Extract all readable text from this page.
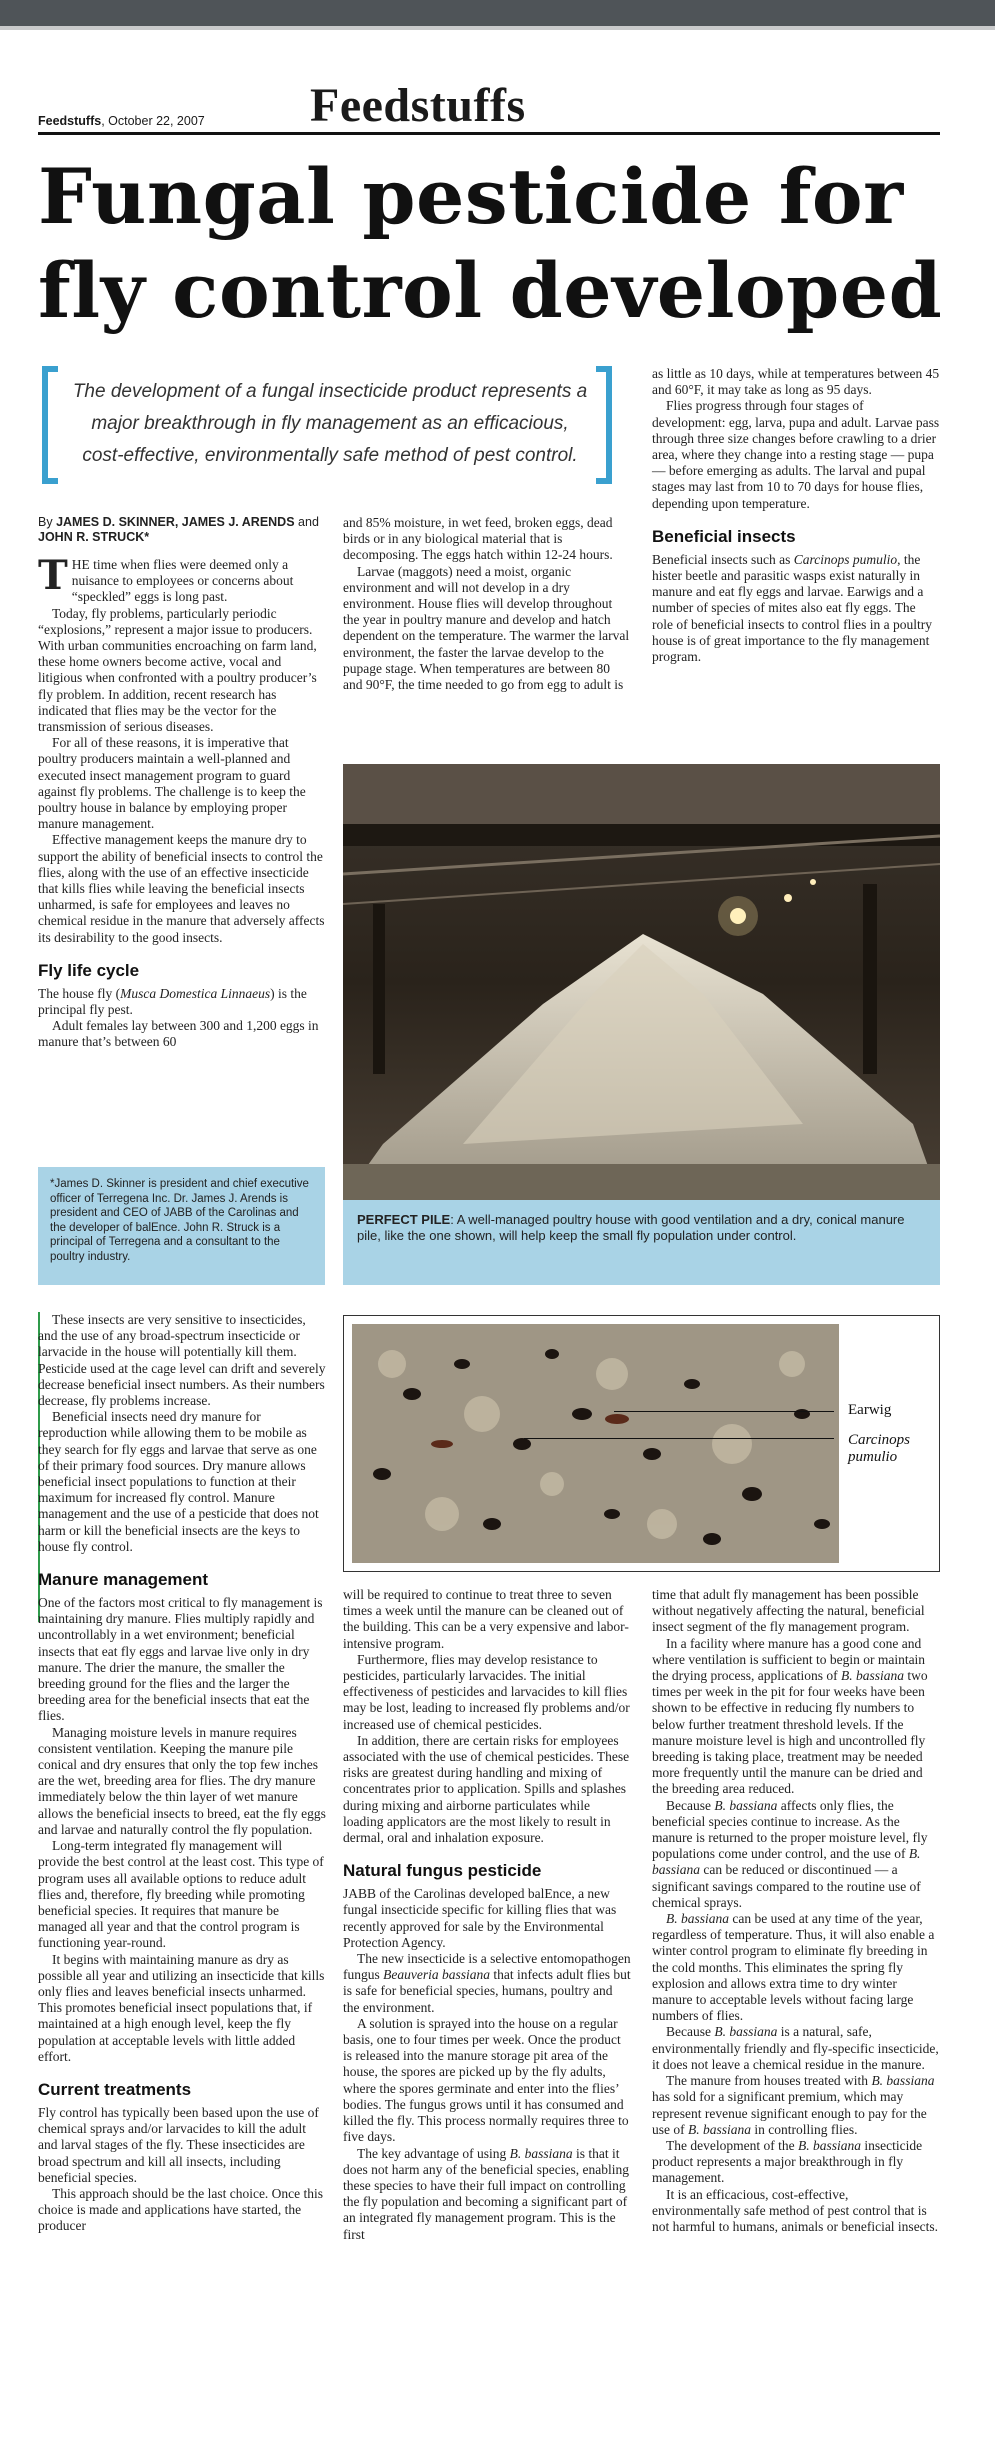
Feedstuffs, October 22, 2007 Feedstuffs
Fungal pesticide for
fly control developed
The development of a fungal insecticide product represents a major breakthrough in fly management as an efficacious, cost-effective, environmentally safe method of pest control.
By JAMES D. SKINNER, JAMES J. ARENDS and JOHN R. STRUCK*

THE time when flies were deemed only a nuisance to employees or concerns about “speckled” eggs is long past.

Today, fly problems, particularly periodic “explosions,” represent a major issue to producers. With urban communities encroaching on farm land, these home owners become active, vocal and litigious when confronted with a poultry producer’s fly problem. In addition, recent research has indicated that flies may be the vector for the transmission of serious diseases.

For all of these reasons, it is imperative that poultry producers maintain a well-planned and executed insect management program to guard against fly problems. The challenge is to keep the poultry house in balance by employing proper manure management.

Effective management keeps the manure dry to support the ability of beneficial insects to control the flies, along with the use of an effective insecticide that kills flies while leaving the beneficial insects unharmed, is safe for employees and leaves no chemical residue in the manure that adversely affects its desirability to the good insects.

Fly life cycle

The house fly (Musca Domestica Linnaeus) is the principal fly pest.

Adult females lay between 300 and 1,200 eggs in manure that’s between 60

*James D. Skinner is president and chief executive officer of Terregena Inc. Dr. James J. Arends is president and CEO of JABB of the Carolinas and the developer of balEnce. John R. Struck is a principal of Terregena and a consultant to the poultry industry.

and 85% moisture, in wet feed, broken eggs, dead birds or in any biological material that is decomposing. The eggs hatch within 12-24 hours.

Larvae (maggots) need a moist, organic environment and will not develop in a dry environment. House flies will develop throughout the year in poultry manure and develop and hatch dependent on the temperature. The warmer the larval environment, the faster the larvae develop to the pupage stage. When temperatures are between 80 and 90°F, the time needed to go from egg to adult is

as little as 10 days, while at temperatures between 45 and 60°F, it may take as long as 95 days.

Flies progress through four stages of development: egg, larva, pupa and adult. Larvae pass through three size changes before crawling to a drier area, where they change into a resting stage — pupa — before emerging as adults. The larval and pupal stages may last from 10 to 70 days for house flies, depending upon temperature.

Beneficial insects

Beneficial insects such as Carcinops pumulio, the hister beetle and parasitic wasps exist naturally in manure and eat fly eggs and larvae. Earwigs and a number of species of mites also eat fly eggs. The role of beneficial insects to control flies in a poultry house is of great importance to the fly management program.

PERFECT PILE: A well-managed poultry house with good ventilation and a dry, conical manure pile, like the one shown, will help keep the small fly population under control.
Earwig
Carcinops pumulio

These insects are very sensitive to insecticides, and the use of any broad-spectrum insecticide or larvacide in the house will potentially kill them. Pesticide used at the cage level can drift and severely decrease beneficial insect numbers. As their numbers decrease, fly problems increase.

Beneficial insects need dry manure for reproduction while allowing them to be mobile as they search for fly eggs and larvae that serve as one of their primary food sources. Dry manure allows beneficial insect populations to function at their maximum for increased fly control. Manure management and the use of a pesticide that does not harm or kill the beneficial insects are the keys to house fly control.

Manure management

One of the factors most critical to fly management is maintaining dry manure. Flies multiply rapidly and uncontrollably in a wet environment; beneficial insects that eat fly eggs and larvae live only in dry manure. The drier the manure, the smaller the breeding ground for the flies and the larger the breeding area for the beneficial insects that eat the flies.

Managing moisture levels in manure requires consistent ventilation. Keeping the manure pile conical and dry ensures that only the top few inches are the wet, breeding area for flies. The dry manure immediately below the thin layer of wet manure allows the beneficial insects to breed, eat the fly eggs and larvae and naturally control the fly population.

Long-term integrated fly management will provide the best control at the least cost. This type of program uses all available options to reduce adult flies and, therefore, fly breeding while promoting beneficial species. It requires that manure be managed all year and that the control program is functioning year-round.

It begins with maintaining manure as dry as possible all year and utilizing an insecticide that kills only flies and leaves beneficial insects unharmed. This promotes beneficial insect populations that, if maintained at a high enough level, keep the fly population at acceptable levels with little added effort.

Current treatments

Fly control has typically been based upon the use of chemical sprays and/or larvacides to kill the adult and larval stages of the fly. These insecticides are broad spectrum and kill all insects, including beneficial species.

This approach should be the last choice. Once this choice is made and applications have started, the producer

will be required to continue to treat three to seven times a week until the manure can be cleaned out of the building. This can be a very expensive and labor-intensive program.

Furthermore, flies may develop resistance to pesticides, particularly larvacides. The initial effectiveness of pesticides and larvacides to kill flies may be lost, leading to increased fly problems and/or increased use of chemical pesticides.

In addition, there are certain risks for employees associated with the use of chemical pesticides. These risks are greatest during handling and mixing of concentrates prior to application. Spills and splashes during mixing and airborne particulates while loading applicators are the most likely to result in dermal, oral and inhalation exposure.

Natural fungus pesticide

JABB of the Carolinas developed balEnce, a new fungal insecticide specific for killing flies that was recently approved for sale by the Environmental Protection Agency.

The new insecticide is a selective entomopathogen fungus Beauveria bassiana that infects adult flies but is safe for beneficial species, humans, poultry and the environment.

A solution is sprayed into the house on a regular basis, one to four times per week. Once the product is released into the manure storage pit area of the house, the spores are picked up by the fly adults, where the spores germinate and enter into the flies’ bodies. The fungus grows until it has consumed and killed the fly. This process normally requires three to five days.

The key advantage of using B. bassiana is that it does not harm any of the beneficial species, enabling these species to have their full impact on controlling the fly population and becoming a significant part of an integrated fly management program. This is the first

time that adult fly management has been possible without negatively affecting the natural, beneficial insect segment of the fly management program.

In a facility where manure has a good cone and where ventilation is sufficient to begin or maintain the drying process, applications of B. bassiana two times per week in the pit for four weeks have been shown to be effective in reducing fly numbers to below further treatment threshold levels. If the manure moisture level is high and uncontrolled fly breeding is taking place, treatment may be needed more frequently until the manure can be dried and the breeding area reduced.

Because B. bassiana affects only flies, the beneficial species continue to increase. As the manure is returned to the proper moisture level, fly populations come under control, and the use of B. bassiana can be reduced or discontinued — a significant savings compared to the routine use of chemical sprays.

B. bassiana can be used at any time of the year, regardless of temperature. Thus, it will also enable a winter control program to eliminate fly breeding in the cold months. This eliminates the spring fly explosion and allows extra time to dry winter manure to acceptable levels without facing large numbers of flies.

Because B. bassiana is a natural, safe, environmentally friendly and fly-specific insecticide, it does not leave a chemical residue in the manure.

The manure from houses treated with B. bassiana has sold for a significant premium, which may represent revenue significant enough to pay for the use of B. bassiana in controlling flies.

The development of the B. bassiana insecticide product represents a major breakthrough in fly management.

It is an efficacious, cost-effective, environmentally safe method of pest control that is not harmful to humans, animals or beneficial insects.
